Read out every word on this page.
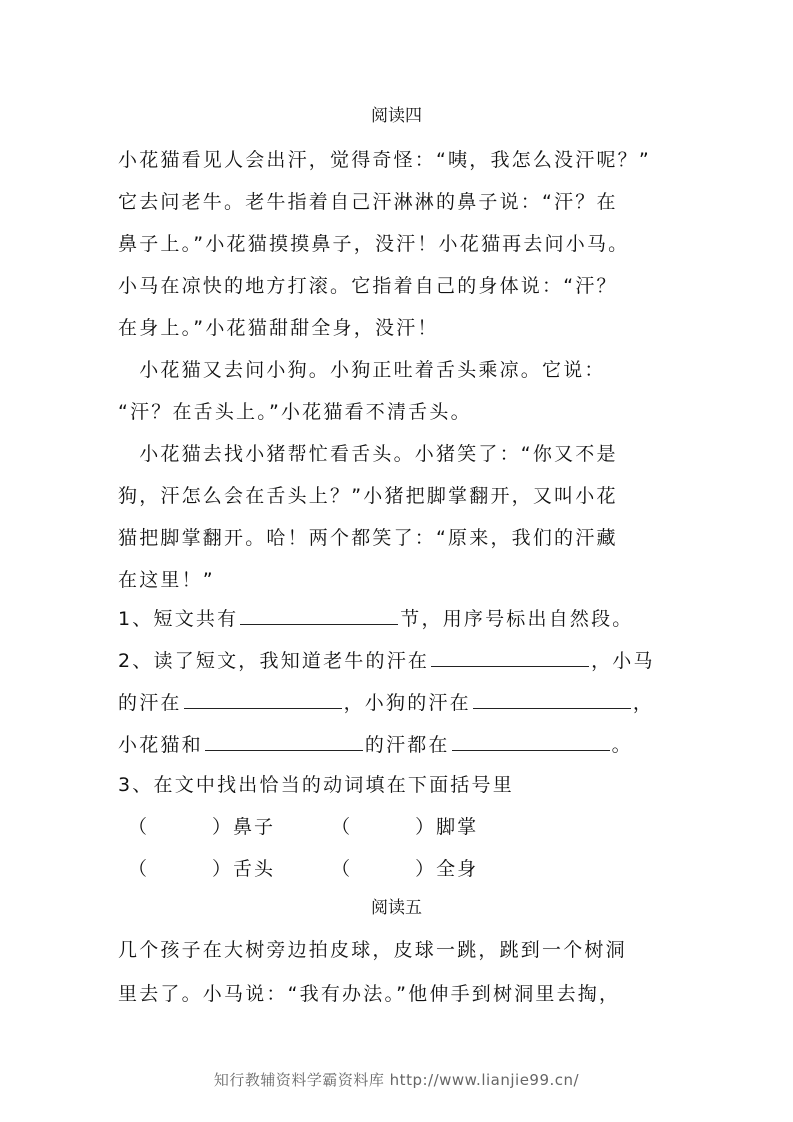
阅读四
小花猫看见人会出汗，觉得奇怪：“咦，我怎么没汗呢？”
它去问老牛。老牛指着自己汗淋淋的鼻子说：“汗？在
鼻子上。”小花猫摸摸鼻子，没汗！小花猫再去问小马。
小马在凉快的地方打滚。它指着自己的身体说：“汗？
在身上。”小花猫甜甜全身，没汗！
　小花猫又去问小狗。小狗正吐着舌头乘凉。它说：
“汗？在舌头上。”小花猫看不清舌头。
　小花猫去找小猪帮忙看舌头。小猪笑了：“你又不是
狗，汗怎么会在舌头上？”小猪把脚掌翻开，又叫小花
猫把脚掌翻开。哈！两个都笑了：“原来，我们的汗藏
在这里！”
1、短文共有	节，用序号标出自然段。
2、读了短文，我知道老牛的汗在	，小马
的汗在	，小狗的汗在	，
小花猫和	的汗都在	。
3、在文中找出恰当的动词填在下面括号里
（　　　）鼻子	（　　　）脚掌
（　　　）舌头	（　　　）全身
阅读五
几个孩子在大树旁边拍皮球，皮球一跳，跳到一个树洞
里去了。小马说：“我有办法。”他伸手到树洞里去掏，
知行教辅资料学霸资料库 http://www.lianjie99.cn/
